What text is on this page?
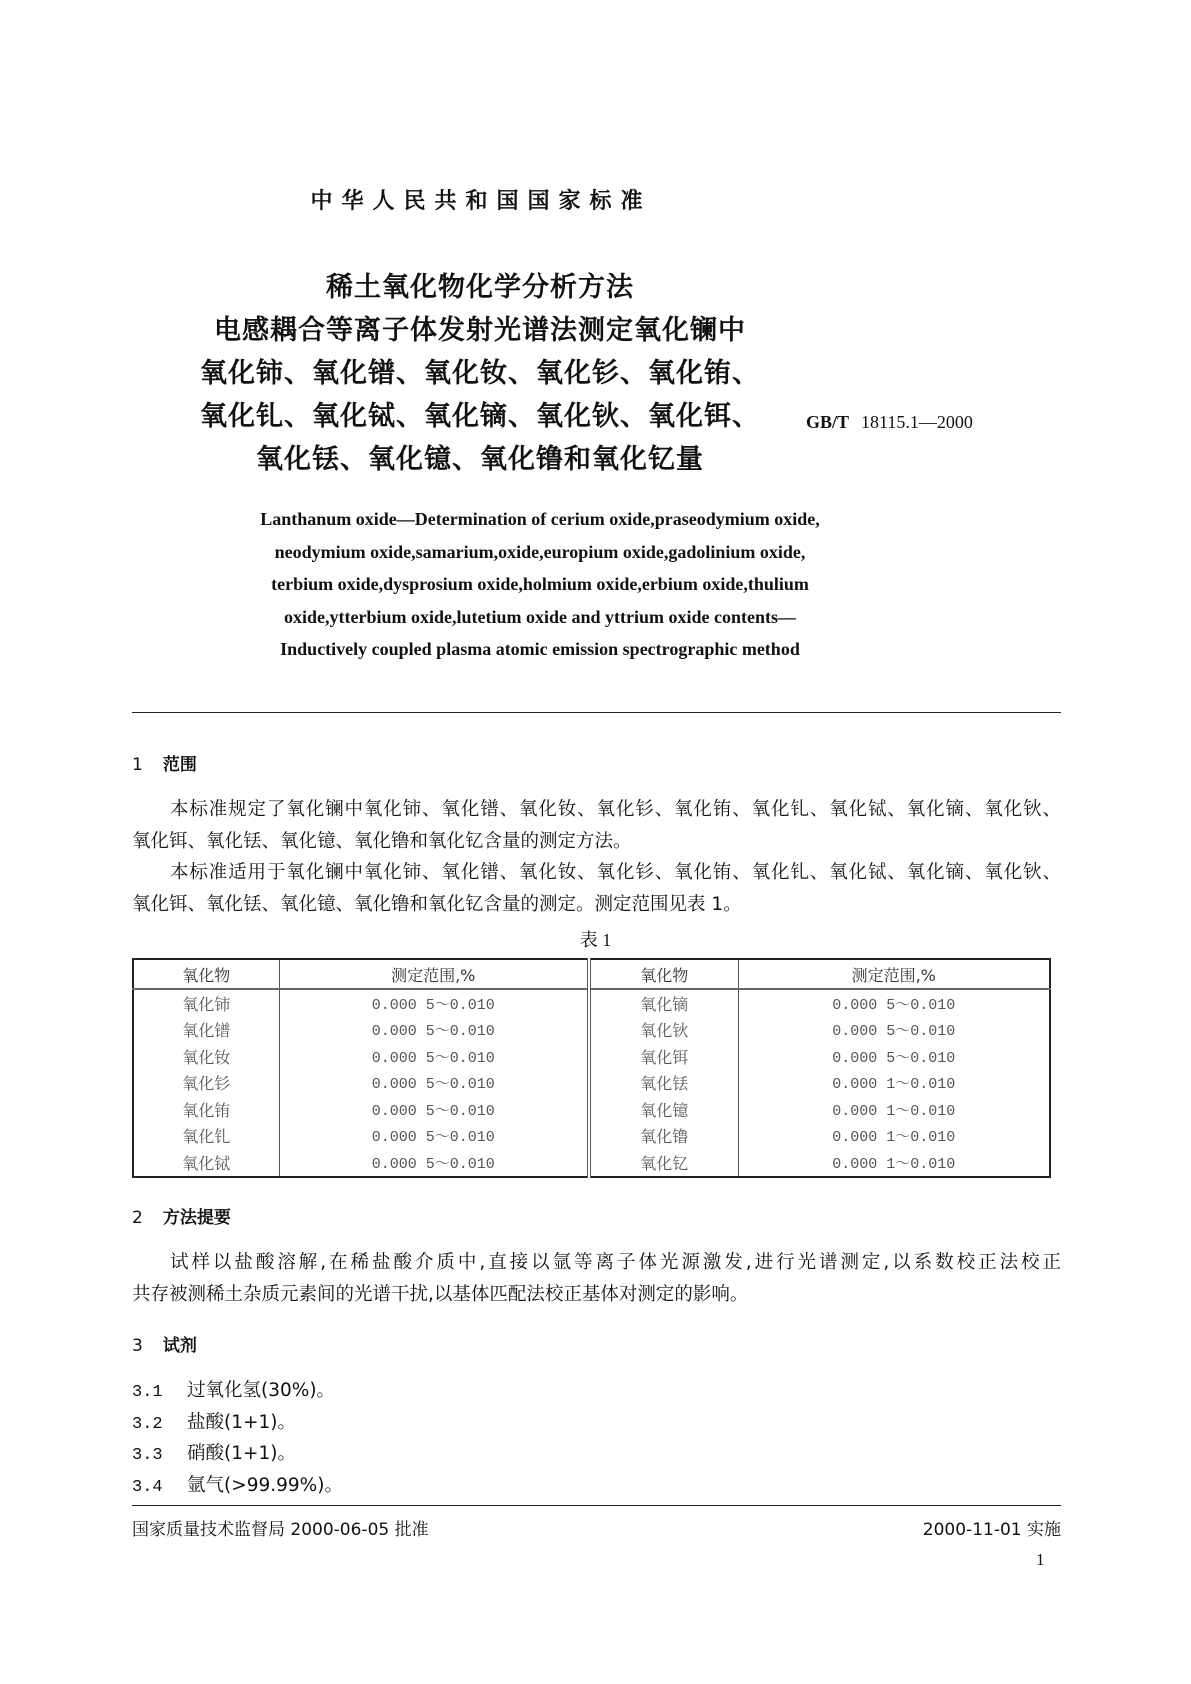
中华人民共和国国家标准
稀土氧化物化学分析方法
电感耦合等离子体发射光谱法测定氧化镧中
氧化铈、氧化镨、氧化钕、氧化钐、氧化铕、
氧化钆、氧化铽、氧化镝、氧化钬、氧化铒、
氧化铥、氧化镱、氧化镥和氧化钇量
GB/T 18115.1—2000
Lanthanum oxide—Determination of cerium oxide,praseodymium oxide,
neodymium oxide,samarium,oxide,europium oxide,gadolinium oxide,
terbium oxide,dysprosium oxide,holmium oxide,erbium oxide,thulium
oxide,ytterbium oxide,lutetium oxide and yttrium oxide contents—
Inductively coupled plasma atomic emission spectrographic method
1 范围
本标准规定了氧化镧中氧化铈、氧化镨、氧化钕、氧化钐、氧化铕、氧化钆、氧化铽、氧化镝、氧化钬、
氧化铒、氧化铥、氧化镱、氧化镥和氧化钇含量的测定方法。
本标准适用于氧化镧中氧化铈、氧化镨、氧化钕、氧化钐、氧化铕、氧化钆、氧化铽、氧化镝、氧化钬、
氧化铒、氧化铥、氧化镱、氧化镥和氧化钇含量的测定。测定范围见表 1。
表 1
氧化物	测定范围,%	氧化物	测定范围,%
氧化铈	0.000 5～0.010	氧化镝	0.000 5～0.010
氧化镨	0.000 5～0.010	氧化钬	0.000 5～0.010
氧化钕	0.000 5～0.010	氧化铒	0.000 5～0.010
氧化钐	0.000 5～0.010	氧化铥	0.000 1～0.010
氧化铕	0.000 5～0.010	氧化镱	0.000 1～0.010
氧化钆	0.000 5～0.010	氧化镥	0.000 1～0.010
氧化铽	0.000 5～0.010	氧化钇	0.000 1～0.010
2 方法提要
试样以盐酸溶解,在稀盐酸介质中,直接以氩等离子体光源激发,进行光谱测定,以系数校正法校正
共存被测稀土杂质元素间的光谱干扰,以基体匹配法校正基体对测定的影响。
3 试剂
3.1 过氧化氢(30%)。
3.2 盐酸(1+1)。
3.3 硝酸(1+1)。
3.4 氩气(>99.99%)。
国家质量技术监督局 2000-06-05 批准	2000-11-01 实施
1
